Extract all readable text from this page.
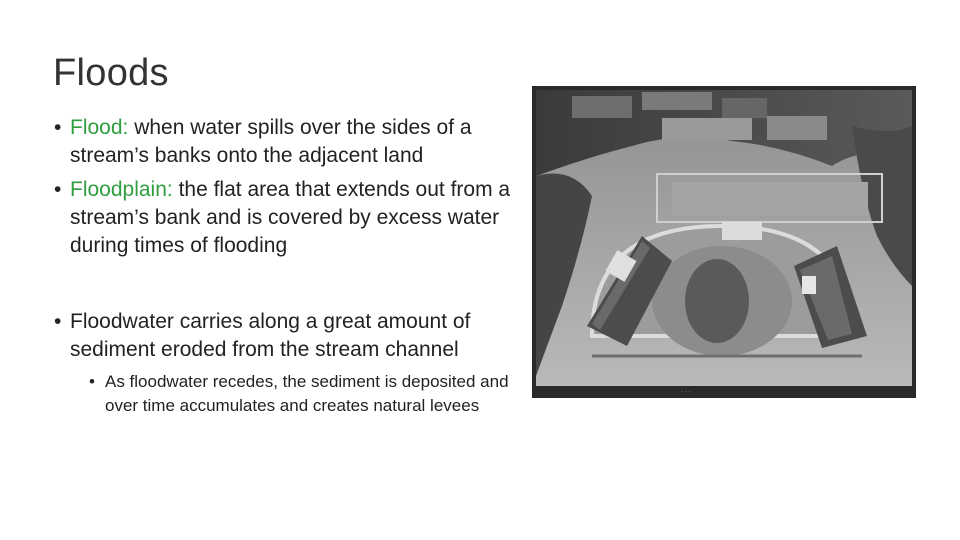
Floods
• Flood: when water spills over the sides of a stream’s banks onto the adjacent land
• Floodplain: the flat area that extends out from a stream’s bank and is covered by excess water during times of flooding
• Floodwater carries along a great amount of sediment eroded from the stream channel
• As floodwater recedes, the sediment is deposited and over time accumulates and creates natural levees
. . .
